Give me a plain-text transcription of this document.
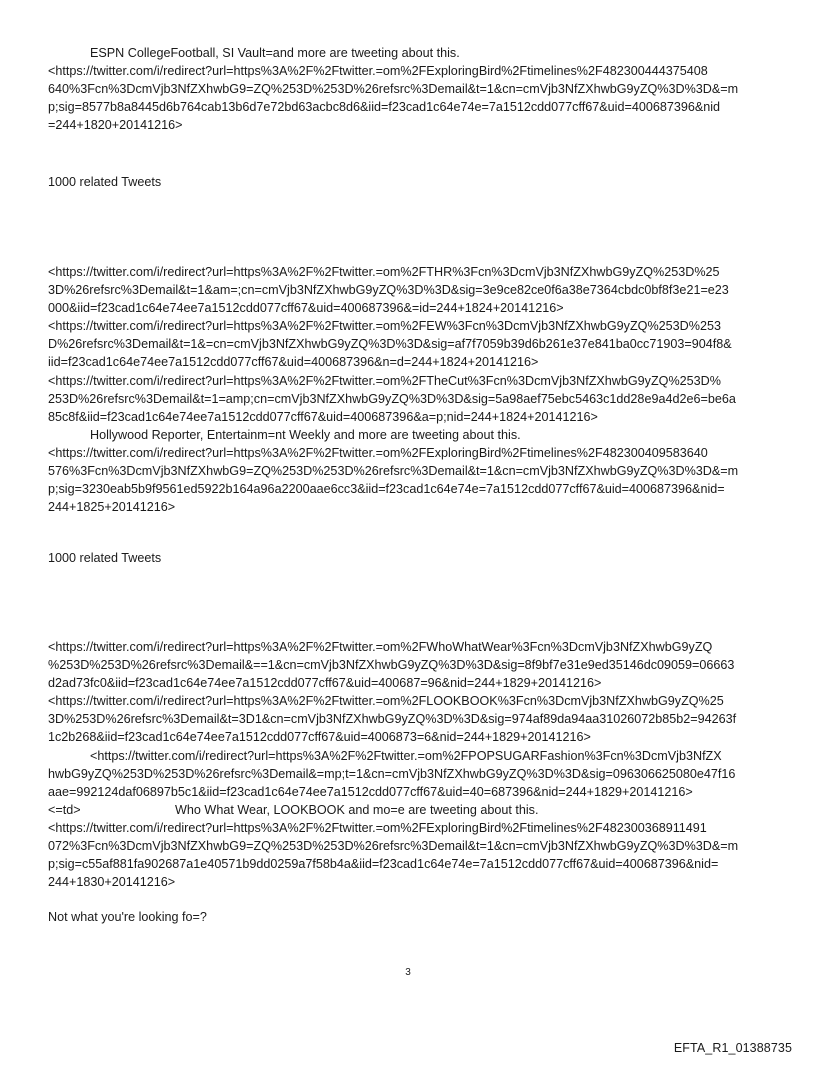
ESPN CollegeFootball, SI Vault=and more are tweeting about this.
<https://twitter.com/i/redirect?url=https%3A%2F%2Ftwitter.=om%2FExploringBird%2Ftimelines%2F482300444375408
640%3Fcn%3DcmVjb3NfZXhwbG9=ZQ%253D%253D%26refsrc%3Demail&t=1&cn=cmVjb3NfZXhwbG9yZQ%3D%3D&=m
p;sig=8577b8a8445d6b764cab13b6d7e72bd63acbc8d6&iid=f23cad1c64e74e=7a1512cdd077cff67&uid=400687396&nid
=244+1820+20141216>

1000 related Tweets

<https://twitter.com/i/redirect?url=https%3A%2F%2Ftwitter.=om%2FTHR%3Fcn%3DcmVjb3NfZXhwbG9yZQ%253D%25
3D%26refsrc%3Demail&t=1&am=;cn=cmVjb3NfZXhwbG9yZQ%3D%3D&sig=3e9ce82ce0f6a38e7364cbdc0bf8f3e21=e23
000&iid=f23cad1c64e74ee7a1512cdd077cff67&uid=400687396&=id=244+1824+20141216>
<https://twitter.com/i/redirect?url=https%3A%2F%2Ftwitter.=om%2FEW%3Fcn%3DcmVjb3NfZXhwbG9yZQ%253D%253
D%26refsrc%3Demail&t=1&=cn=cmVjb3NfZXhwbG9yZQ%3D%3D&sig=af7f7059b39d6b261e37e841ba0cc71903=904f8&
iid=f23cad1c64e74ee7a1512cdd077cff67&uid=400687396&n=d=244+1824+20141216>
<https://twitter.com/i/redirect?url=https%3A%2F%2Ftwitter.=om%2FTheCut%3Fcn%3DcmVjb3NfZXhwbG9yZQ%253D%
253D%26refsrc%3Demail&t=1=amp;cn=cmVjb3NfZXhwbG9yZQ%3D%3D&sig=5a98aef75ebc5463c1dd28e9a4d2e6=be6a
85c8f&iid=f23cad1c64e74ee7a1512cdd077cff67&uid=400687396&a=p;nid=244+1824+20141216>
Hollywood Reporter, Entertainm=nt Weekly and more are tweeting about this.
<https://twitter.com/i/redirect?url=https%3A%2F%2Ftwitter.=om%2FExploringBird%2Ftimelines%2F482300409583640
576%3Fcn%3DcmVjb3NfZXhwbG9=ZQ%253D%253D%26refsrc%3Demail&t=1&cn=cmVjb3NfZXhwbG9yZQ%3D%3D&=m
p;sig=3230eab5b9f9561ed5922b164a96a2200aae6cc3&iid=f23cad1c64e74e=7a1512cdd077cff67&uid=400687396&nid=
244+1825+20141216>

1000 related Tweets

<https://twitter.com/i/redirect?url=https%3A%2F%2Ftwitter.=om%2FWhoWhatWear%3Fcn%3DcmVjb3NfZXhwbG9yZQ
%253D%253D%26refsrc%3Demail&==1&cn=cmVjb3NfZXhwbG9yZQ%3D%3D&sig=8f9bf7e31e9ed35146dc09059=06663
d2ad73fc0&iid=f23cad1c64e74ee7a1512cdd077cff67&uid=400687=96&nid=244+1829+20141216>
<https://twitter.com/i/redirect?url=https%3A%2F%2Ftwitter.=om%2FLOOKBOOK%3Fcn%3DcmVjb3NfZXhwbG9yZQ%25
3D%253D%26refsrc%3Demail&t=3D1&cn=cmVjb3NfZXhwbG9yZQ%3D%3D&sig=974af89da94aa31026072b85b2=94263f
1c2b268&iid=f23cad1c64e74ee7a1512cdd077cff67&uid=4006873=6&nid=244+1829+20141216>
<https://twitter.com/i/redirect?url=https%3A%2F%2Ftwitter.=om%2FPOPSUGARFashion%3Fcn%3DcmVjb3NfZX
hwbG9yZQ%253D%253D%26refsrc%3Demail&=mp;t=1&cn=cmVjb3NfZXhwbG9yZQ%3D%3D&sig=096306625080e47f16
aae=992124daf06897b5c1&iid=f23cad1c64e74ee7a1512cdd077cff67&uid=40=687396&nid=244+1829+20141216>
<=td>                           Who What Wear, LOOKBOOK and mo=e are tweeting about this.
<https://twitter.com/i/redirect?url=https%3A%2F%2Ftwitter.=om%2FExploringBird%2Ftimelines%2F482300368911491
072%3Fcn%3DcmVjb3NfZXhwbG9=ZQ%253D%253D%26refsrc%3Demail&t=1&cn=cmVjb3NfZXhwbG9yZQ%3D%3D&=m
p;sig=c55af881fa902687a1e40571b9dd0259a7f58b4a&iid=f23cad1c64e74e=7a1512cdd077cff67&uid=400687396&nid=
244+1830+20141216>

Not what you're looking fo=?

3

EFTA_R1_01388735
